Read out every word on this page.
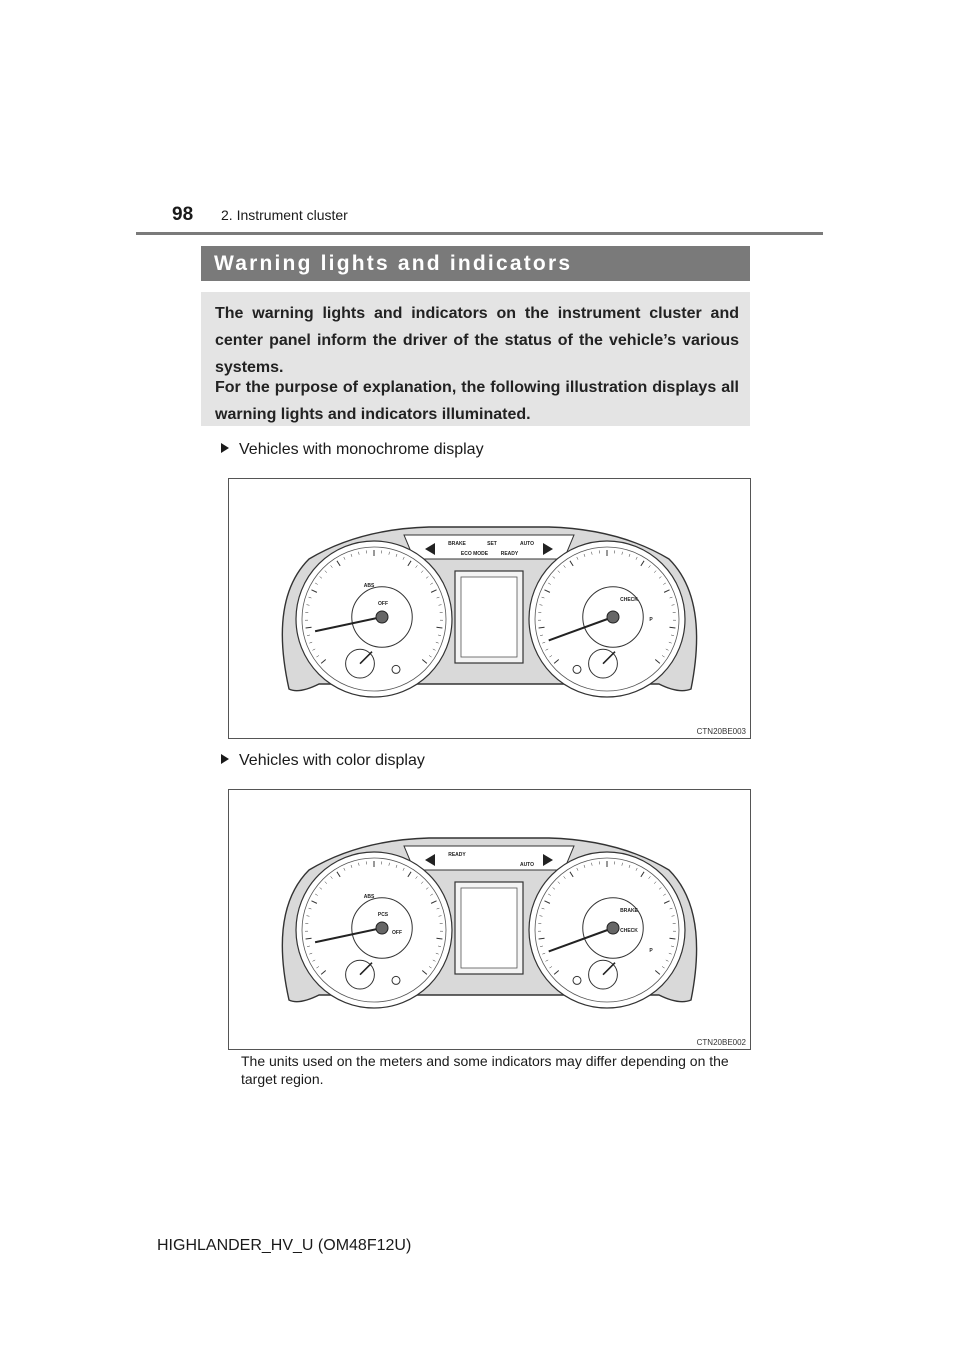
98 2. Instrument cluster
Warning lights and indicators
The warning lights and indicators on the instrument cluster and center panel inform the driver of the status of the vehicle’s various systems.
For the purpose of explanation, the following illustration displays all warning lights and indicators illuminated.
Vehicles with monochrome display
BRAKE
ECO MODE
SET
READY
AUTO
ABS
OFF
CHECK
P
CTN20BE003
Vehicles with color display
READY
AUTO
ABS
PCS
OFF
BRAKE
CHECK
P
CTN20BE002
The units used on the meters and some indicators may differ depending on the target region.
HIGHLANDER_HV_U (OM48F12U)
